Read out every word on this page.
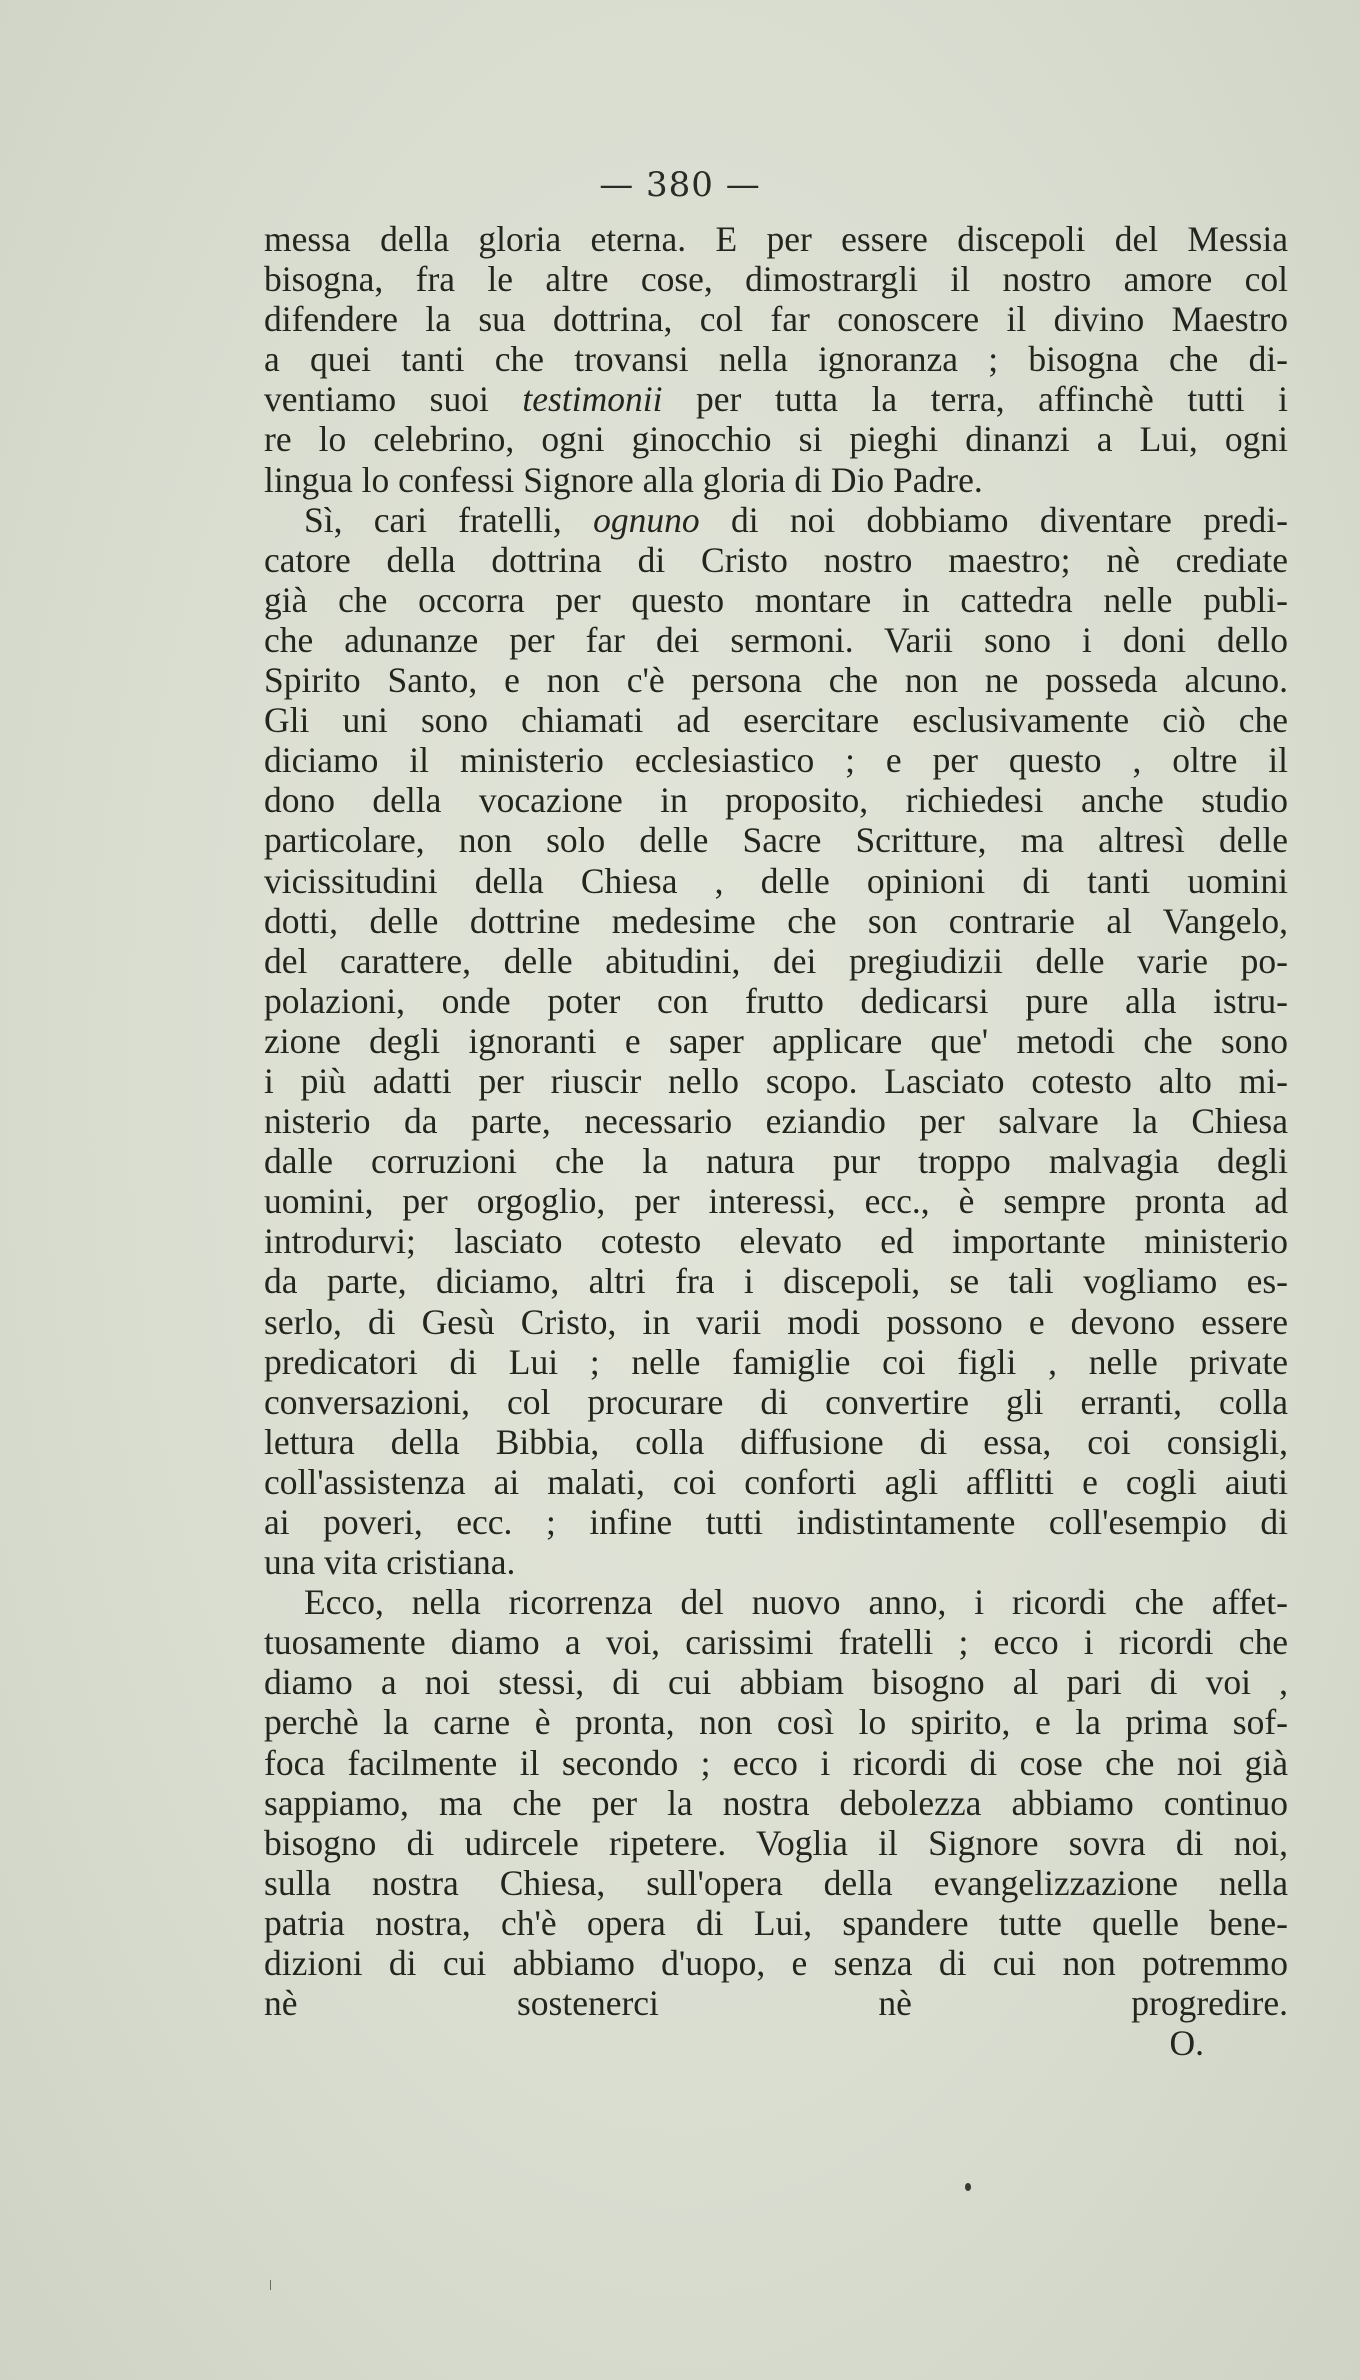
— 380 —
messa della gloria eterna. E per essere discepoli del Messia
bisogna, fra le altre cose, dimostrargli il nostro amore col
difendere la sua dottrina, col far conoscere il divino Maestro
a quei tanti che trovansi nella ignoranza ; bisogna che di-
ventiamo suoi testimonii per tutta la terra, affinchè tutti i
re lo celebrino, ogni ginocchio si pieghi dinanzi a Lui, ogni
lingua lo confessi Signore alla gloria di Dio Padre.
Sì, cari fratelli, ognuno di noi dobbiamo diventare predi-
catore della dottrina di Cristo nostro maestro; nè crediate
già che occorra per questo montare in cattedra nelle publi-
che adunanze per far dei sermoni. Varii sono i doni dello
Spirito Santo, e non c'è persona che non ne posseda alcuno.
Gli uni sono chiamati ad esercitare esclusivamente ciò che
diciamo il ministerio ecclesiastico ; e per questo , oltre il
dono della vocazione in proposito, richiedesi anche studio
particolare, non solo delle Sacre Scritture, ma altresì delle
vicissitudini della Chiesa , delle opinioni di tanti uomini
dotti, delle dottrine medesime che son contrarie al Vangelo,
del carattere, delle abitudini, dei pregiudizii delle varie po-
polazioni, onde poter con frutto dedicarsi pure alla istru-
zione degli ignoranti e saper applicare que' metodi che sono
i più adatti per riuscir nello scopo. Lasciato cotesto alto mi-
nisterio da parte, necessario eziandio per salvare la Chiesa
dalle corruzioni che la natura pur troppo malvagia degli
uomini, per orgoglio, per interessi, ecc., è sempre pronta ad
introdurvi; lasciato cotesto elevato ed importante ministerio
da parte, diciamo, altri fra i discepoli, se tali vogliamo es-
serlo, di Gesù Cristo, in varii modi possono e devono essere
predicatori di Lui ; nelle famiglie coi figli , nelle private
conversazioni, col procurare di convertire gli erranti, colla
lettura della Bibbia, colla diffusione di essa, coi consigli,
coll'assistenza ai malati, coi conforti agli afflitti e cogli aiuti
ai poveri, ecc. ; infine tutti indistintamente coll'esempio di
una vita cristiana.
Ecco, nella ricorrenza del nuovo anno, i ricordi che affet-
tuosamente diamo a voi, carissimi fratelli ; ecco i ricordi che
diamo a noi stessi, di cui abbiam bisogno al pari di voi ,
perchè la carne è pronta, non così lo spirito, e la prima sof-
foca facilmente il secondo ; ecco i ricordi di cose che noi già
sappiamo, ma che per la nostra debolezza abbiamo continuo
bisogno di udircele ripetere. Voglia il Signore sovra di noi,
sulla nostra Chiesa, sull'opera della evangelizzazione nella
patria nostra, ch'è opera di Lui, spandere tutte quelle bene-
dizioni di cui abbiamo d'uopo, e senza di cui non potremmo
nè sostenerci nè progredire.
O.
